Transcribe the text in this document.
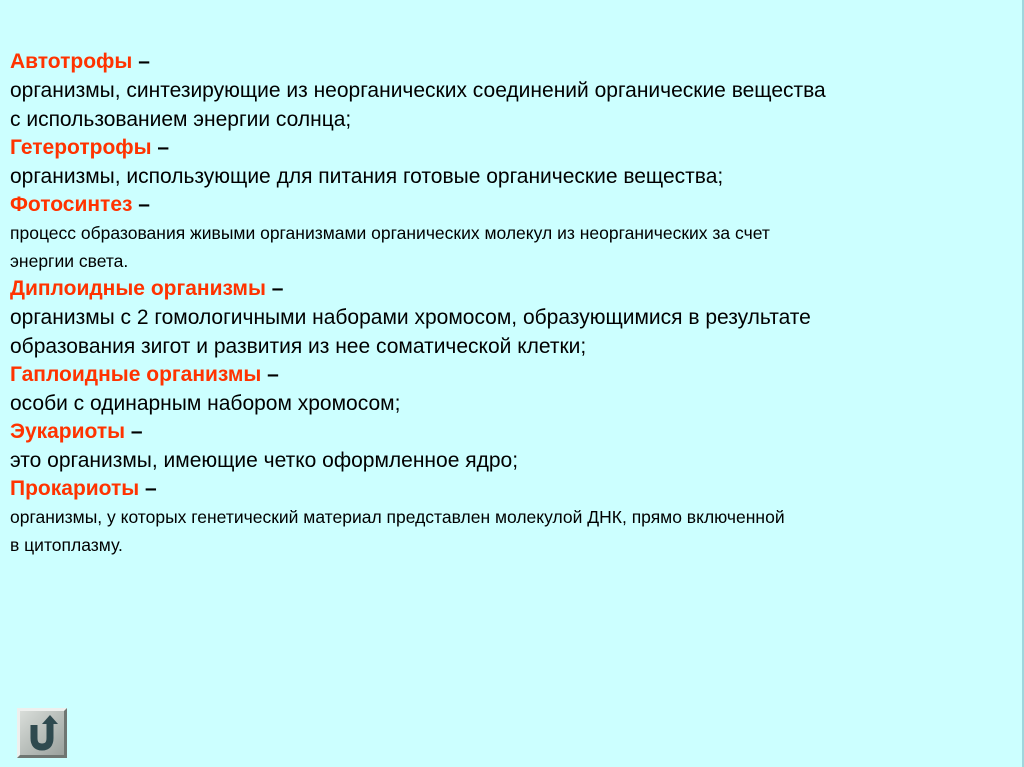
Автотрофы –
организмы, синтезирующие из неорганических соединений органические вещества
с использованием энергии солнца;
Гетеротрофы –
организмы, использующие для питания готовые органические вещества;
Фотосинтез –
процесс образования живыми организмами органических молекул из неорганических за счет
энергии света.
Диплоидные организмы –
организмы с 2 гомологичными наборами хромосом, образующимися в результате
образования зигот и развития из нее соматической клетки;
Гаплоидные организмы –
особи с одинарным набором хромосом;
Эукариоты –
это организмы, имеющие четко оформленное ядро;
Прокариоты –
организмы, у которых генетический материал представлен молекулой ДНК, прямо включенной
в цитоплазму.
